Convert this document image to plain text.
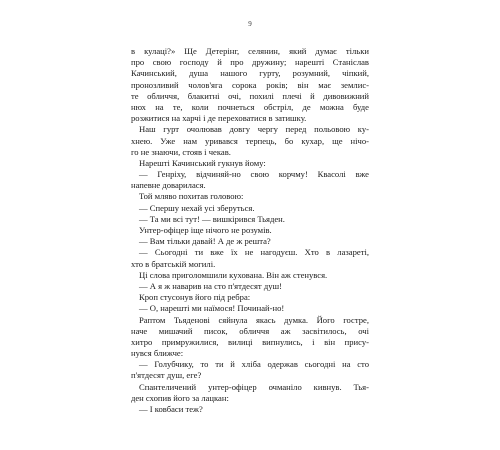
9
в кулаці?» Ще Детерінг, селянин, який думає тільки
про свою господу й про дружину; нарешті Станіслав
Качинський, душа нашого гурту, розумний, чіпкий,
пронозливий чолов'яга сорока років; він має землис-
те обличчя, блакитні очі, похилі плечі й дивовижний
нюх на те, коли почнеться обстріл, де можна буде
розжитися на харчі і де переховатися в затишку.
Наш гурт очолював довгу чергу перед польовою ку-
хнею. Уже нам уривався терпець, бо кухар, ще нічо-
го не знаючи, стояв і чекав.
Нарешті Качинський гукнув йому:
— Генріху, відчиняй-но свою корчму! Квасолі вже
напевне доварилася.
Той мляво похитав головою:
— Спершу нехай усі зберуться.
— Та ми всі тут! — вишкірився Тьяден.
Унтер-офіцер іще нічого не розумів.
— Вам тільки давай! А де ж решта?
— Сьогодні ти вже їх не нагодуєш. Хто в лазареті,
хто в братській могилі.
Ці слова приголомшили кухована. Він аж стенувся.
— А я ж наварив на сто п'ятдесят душ!
Кроп стусонув його під ребра:
— О, нарешті ми наїмося! Починай-но!
Раптом Тьяденові сяйнула якась думка. Його гостре,
наче мишачий писок, обличчя аж засвітилось, очі
хитро примружилися, вилиці випнулись, і він прису-
нувся ближче:
— Голубчику, то ти й хліба одержав сьогодні на сто
п'ятдесят душ, еге?
Спантеличений унтер-офіцер очманіло кивнув. Тья-
ден схопив його за лацкан:
— І ковбаси теж?
